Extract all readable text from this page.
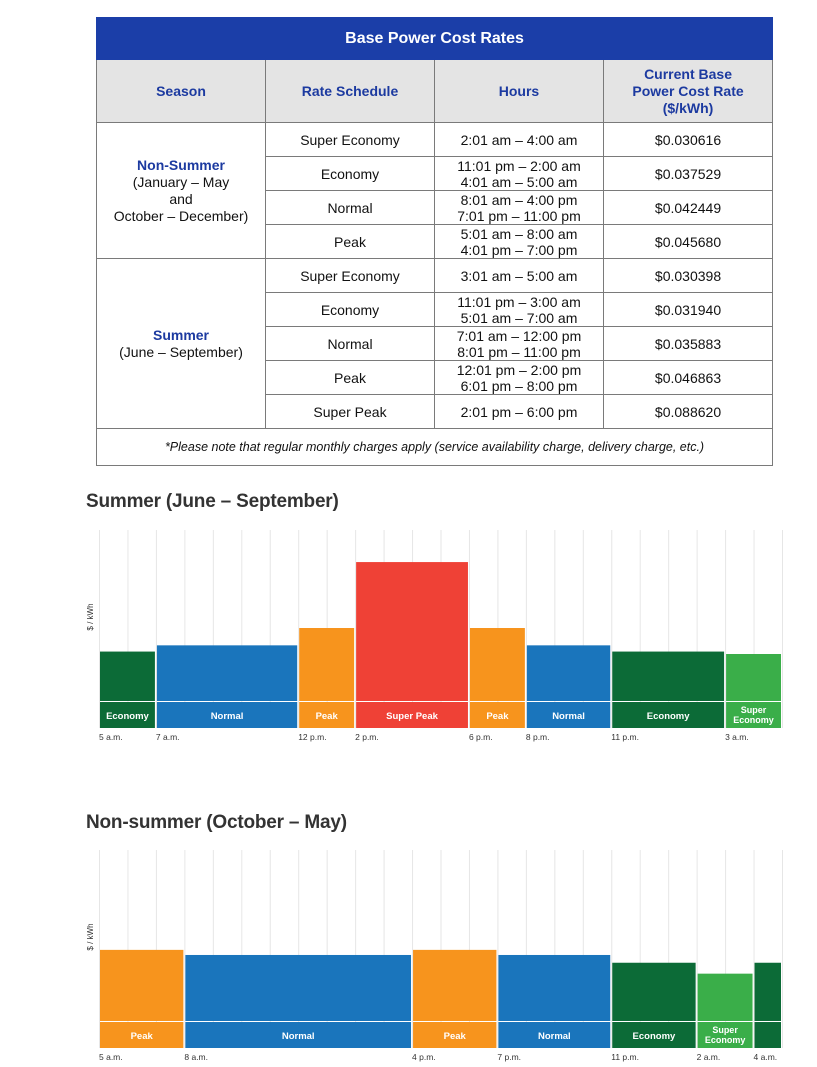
Base Power Cost Rates			
Season	Rate Schedule	Hours	Current Base
Power Cost Rate
($/kWh)

Non-Summer
(January – May
and
October – December)	Super Economy	2:01 am – 4:00 am	$0.030616
	Economy	11:01 pm – 2:00 am
4:01 am – 5:00 am	$0.037529
	Normal	8:01 am – 4:00 pm
7:01 pm – 11:00 pm	$0.042449
	Peak	5:01 am – 8:00 am
4:01 pm – 7:00 pm	$0.045680

Summer
(June – September)	Super Economy	3:01 am – 5:00 am	$0.030398
	Economy	11:01 pm – 3:00 am
5:01 am – 7:00 am	$0.031940
	Normal	7:01 am – 12:00 pm
8:01 pm – 11:00 pm	$0.035883
	Peak	12:01 pm – 2:00 pm
6:01 pm – 8:00 pm	$0.046863
	Super Peak	2:01 pm – 6:00 pm	$0.088620
*Please note that regular monthly charges apply (service availability charge, delivery charge, etc.)			
Summer (June – September)
Non-summer (October – May)
$ / kWh
Economy	Normal	Peak	Super Peak	Peak	Normal	Economy
Super Economy
5 a.m.	7 a.m.	12 p.m.	2 p.m.	6 p.m.	8 p.m.	11 p.m.	3 a.m.
$ / kWh
Peak	Normal	Peak	Normal	Economy
Super Economy
5 a.m.	8 a.m.	4 p.m.	7 p.m.	11 p.m.	2 a.m.	4 a.m.
